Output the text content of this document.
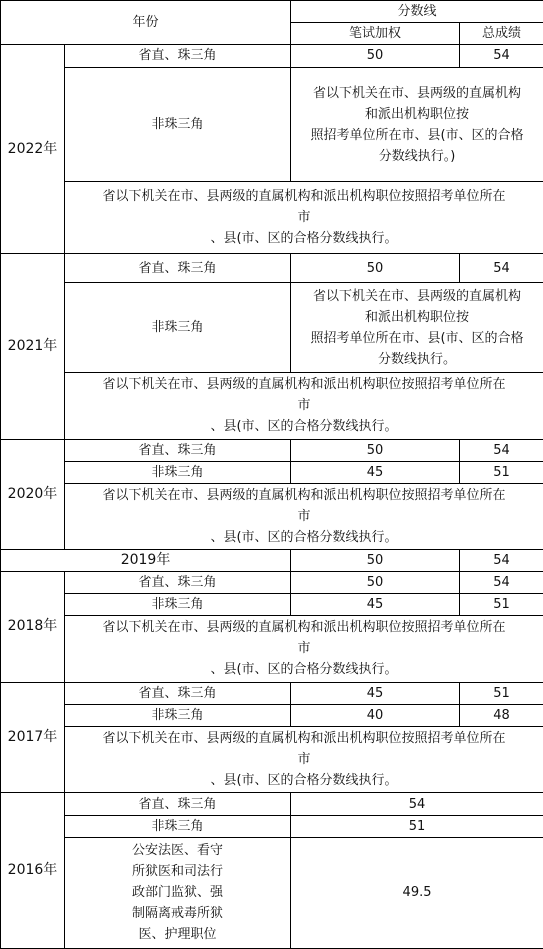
年份		分数线	
		笔试加权	总成绩
2022年	省直、珠三角	50	54
	非珠三角	省以下机关在市、县两级的直属机构
和派出机构职位按
照招考单位所在市、县(市、区的合格
分数线执行。)	
	省以下机关在市、县两级的直属机构和派出机构职位按照招考单位所在
市
、县(市、区的合格分数线执行。		
2021年	省直、珠三角	50	54
	非珠三角	省以下机关在市、县两级的直属机构
和派出机构职位按
照招考单位所在市、县(市、区的合格
分数线执行。	
	省以下机关在市、县两级的直属机构和派出机构职位按照招考单位所在
市
、县(市、区的合格分数线执行。		
2020年	省直、珠三角	50	54
	非珠三角	45	51
	省以下机关在市、县两级的直属机构和派出机构职位按照招考单位所在
市
、县(市、区的合格分数线执行。		
2019年		50	54
2018年	省直、珠三角	50	54
	非珠三角	45	51
	省以下机关在市、县两级的直属机构和派出机构职位按照招考单位所在
市
、县(市、区的合格分数线执行。		
2017年	省直、珠三角	45	51
	非珠三角	40	48
	省以下机关在市、县两级的直属机构和派出机构职位按照招考单位所在
市
、县(市、区的合格分数线执行。		
2016年	省直、珠三角	54	
	非珠三角	51	
	公安法医、看守
所狱医和司法行
政部门监狱、强
制隔离戒毒所狱
医、护理职位	49.5	
